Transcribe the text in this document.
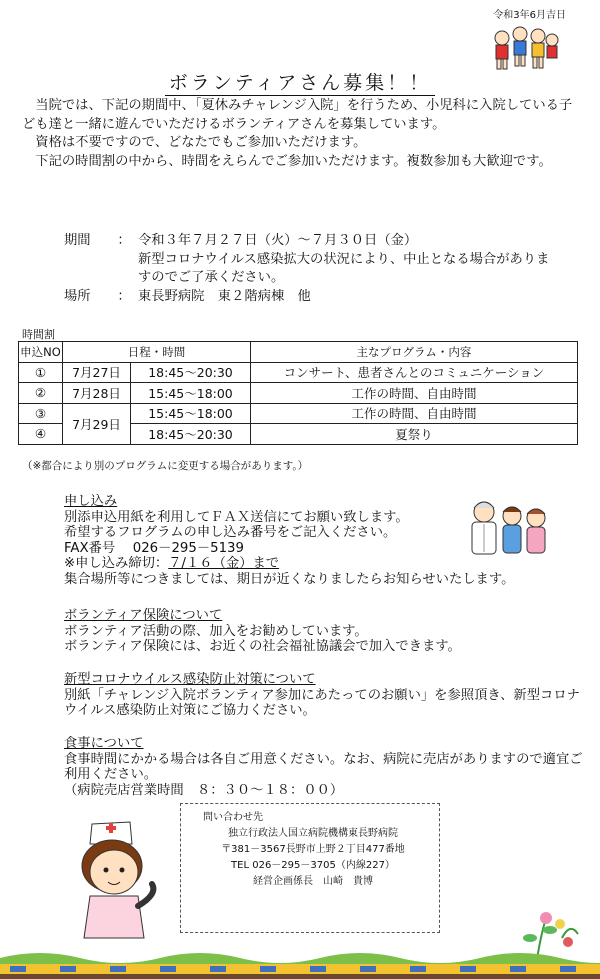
令和3年6月吉日
ボランティアさん募集！！

当院では、下記の期間中、「夏休みチャレンジ入院」を行うため、小児科に入院している子ども達と一緒に遊んでいただけるボランティアさんを募集しています。

資格は不要ですので、どなたでもご参加いただけます。

下記の時間割の中から、時間をえらんでご参加いただけます。複数参加も大歓迎です。

期間	： 令和３年７月２７日（火）～７月３０日（金）
新型コロナウイルス感染拡大の状況により、中止となる場合がありますのでご了承ください。
場所	： 東長野病院　東２階病棟　他
時間割
申込NO	日程・時間		主なプログラム・内容
①	7月27日	18:45～20:30	コンサート、患者さんとのコミュニケーション
②	7月28日	15:45～18:00	工作の時間、自由時間
③	7月29日	15:45～18:00	工作の時間、自由時間
④		18:45～20:30	夏祭り
（※都合により別のプログラムに変更する場合があります。）
申し込み
別添申込用紙を利用してＦＡＸ送信にてお願い致します。
希望するフログラムの申し込み番号をご記入ください。
FAX番号　 026－295－5139
※申し込み締切：７/１６（金）まで
集合場所等につきましては、期日が近くなりましたらお知らせいたします。
ボランティア保険について
ボランティア活動の際、加入をお勧めしています。
ボランティア保険には、お近くの社会福祉協議会で加入できます。
新型コロナウイルス感染防止対策について
別紙「チャレンジ入院ボランティア参加にあたってのお願い」を参照頂き、新型コロナウイルス感染防止対策にご協力ください。
食事について
食事時間にかかる場合は各自ご用意ください。なお、病院に売店がありますので適宜ご利用ください。
（病院売店営業時間　８：３０～１８：００）
問い合わせ先
独立行政法人国立病院機構東長野病院
〒381－3567長野市上野２丁目477番地
TEL 026－295－3705（内線227）
経営企画係長　山崎　貴博
